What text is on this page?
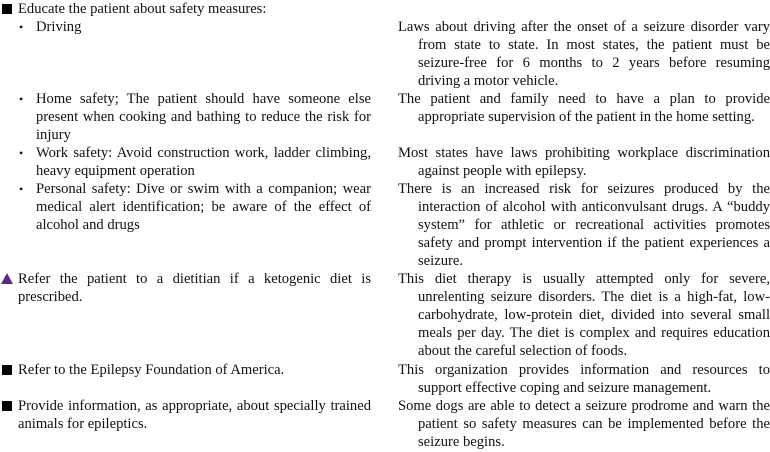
Educate the patient about safety measures:
• Driving	Laws about driving after the onset of a seizure disorder vary from state to state. In most states, the patient must be seizure-free for 6 months to 2 years before resuming driving a motor vehicle.
• Home safety; The patient should have someone else present when cooking and bathing to reduce the risk for injury
The patient and family need to have a plan to provide appropriate supervision of the patient in the home setting.
• Work safety: Avoid construction work, ladder climbing, heavy equipment operation
Most states have laws prohibiting workplace discrimination against people with epilepsy.
• Personal safety: Dive or swim with a companion; wear medical alert identification; be aware of the effect of alcohol and drugs
There is an increased risk for seizures produced by the interaction of alcohol with anticonvulsant drugs. A “buddy system” for athletic or recreational activities promotes safety and prompt intervention if the patient experiences a seizure.
Refer the patient to a dietitian if a ketogenic diet is prescribed.
This diet therapy is usually attempted only for severe, unrelenting seizure disorders. The diet is a high-fat, low-carbohydrate, low-protein diet, divided into several small meals per day. The diet is complex and requires education about the careful selection of foods.
Refer to the Epilepsy Foundation of America.	This organization provides information and resources to support effective coping and seizure management.
Provide information, as appropriate, about specially trained animals for epileptics.
Some dogs are able to detect a seizure prodrome and warn the patient so safety measures can be implemented before the seizure begins.
